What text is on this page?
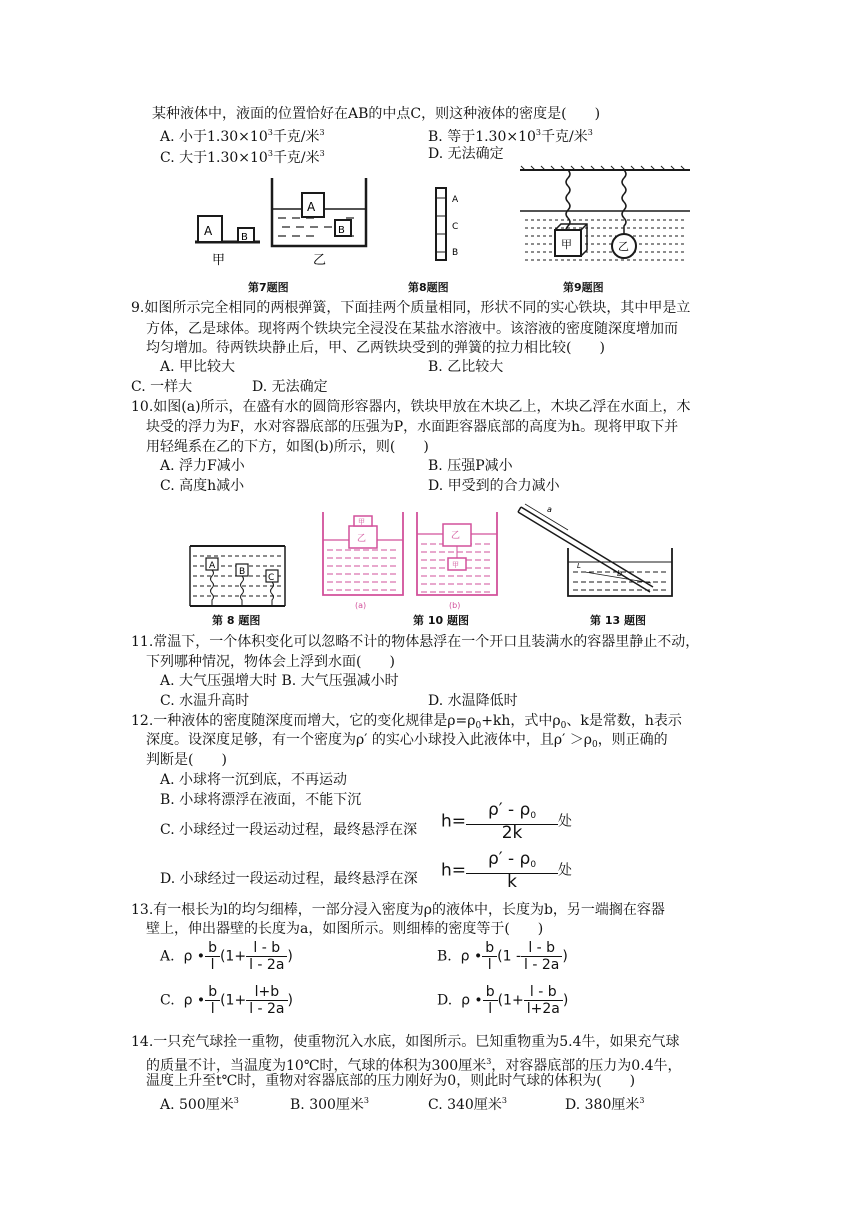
某种液体中，液面的位置恰好在AB的中点C，则这种液体的密度是(　　)
A. 小于$1.30\times 10^3$千克/米$^3$	B. 等于$1.30\times 10^3$千克/米$^3$
C. 大于$1.30\times 10^3$千克/米$^3$	D. 无法确定
A	B
甲
A
B
乙
A
C
B
甲	乙
第7题图	第8题图	第9题图
9.如图所示完全相同的两根弹簧，下面挂两个质量相同，形状不同的实心铁块，其中甲是立
方体，乙是球体。现将两个铁块完全浸没在某盐水溶液中。该溶液的密度随深度增加而
均匀增加。待两铁块静止后，甲、乙两铁块受到的弹簧的拉力相比较(　　)
A. 甲比较大	B. 乙比较大
C. 一样大	D. 无法确定
10.如图(a)所示，在盛有水的圆筒形容器内，铁块甲放在木块乙上，木块乙浮在水面上，木
块受的浮力为F，水对容器底部的压强为P，水面距容器底部的高度为h。现将甲取下并
用轻绳系在乙的下方，如图(b)所示，则(　　)
A. 浮力F减小	B. 压强P减小
C. 高度h减小	D. 甲受到的合力减小
A
B
C
乙
甲
(a)
乙
甲
(b)
a
b
L
第 8 题图	第 10 题图	第 13 题图
11.常温下，一个体积变化可以忽略不计的物体悬浮在一个开口且装满水的容器里静止不动，
下列哪种情况，物体会上浮到水面(　　)
A. 大气压强增大时 B. 大气压强减小时
C. 水温升高时	D. 水温降低时
12.一种液体的密度随深度而增大，它的变化规律是$\rho=\rho_0+kh$，式中$\rho_0$、k是常数，h表示
深度。设深度足够，有一个密度为ρ′ 的实心小球投入此液体中，且$\rho' >\rho_0$，则正确的
判断是(　　)
A. 小球将一沉到底，不再运动
B. 小球将漂浮在液面，不能下沉
C. 小球经过一段运动过程，最终悬浮在深 $h= \frac{\rho' - \rho_0}{2k}$ 处
D. 小球经过一段运动过程，最终悬浮在深 $h= \frac{\rho' - \rho_0}{k}$ 处
13.有一根长为l的均匀细棒，一部分浸入密度为ρ的液体中，长度为b，另一端搁在容器
壁上，伸出器壁的长度为a，如图所示。则细棒的密度等于(　　)
A. ρ • $\frac{b}{l} (1+ \frac{l - b}{l - 2a}$ )	B. ρ • $\frac{b}{l} (1 - \frac{l - b}{l - 2a}$ )
C. ρ • $\frac{b}{l} (1+ \frac{l+b}{l - 2a}$ )	D. ρ • $\frac{b}{l} (1+ \frac{l - b}{l+2a}$ )
14.一只充气球拴一重物，使重物沉入水底，如图所示。巳知重物重为5.4牛，如果充气球
的质量不计，当温度为10℃时，气球的体积为300厘米$^3$，对容器底部的压力为0.4牛，
温度上升至t℃时，重物对容器底部的压力刚好为0，则此时气球的体积为(　　)
A. 500厘米$^3$	B. 300厘米$^3$	C. 340厘米$^3$	D. 380厘米$^3$
